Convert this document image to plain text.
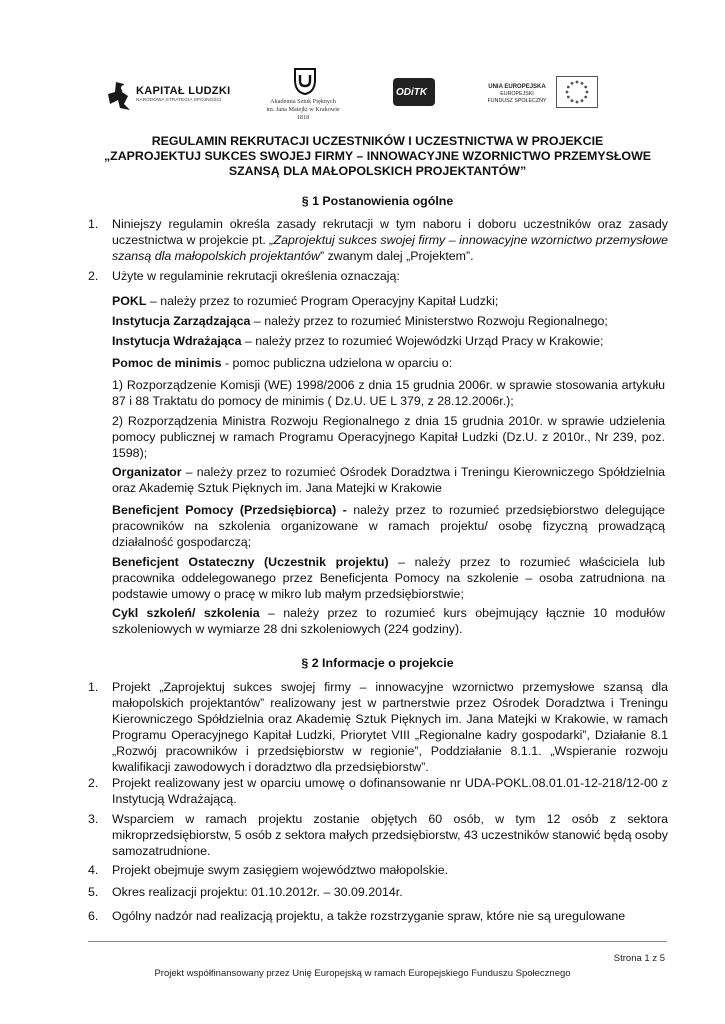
KAPITAŁ LUDZKI
NARODOWA STRATEGIA SPÓJNOŚCI	Akademia Sztuk Pięknych
im. Jana Matejki w Krakowie
1818
ODiTK	UNIA EUROPEJSKA
EUROPEJSKI
FUNDUSZ SPOŁECZNY
REGULAMIN REKRUTACJI UCZESTNIKÓW I UCZESTNICTWA W PROJEKCIE
„ZAPROJEKTUJ SUKCES SWOJEJ FIRMY – INNOWACYJNE WZORNICTWO PRZEMYSŁOWE
SZANSĄ DLA MAŁOPOLSKICH PROJEKTANTÓW”
§ 1 Postanowienia ogólne
1. Niniejszy regulamin określa zasady rekrutacji w tym naboru i doboru uczestników oraz zasady uczestnictwa w projekcie pt. „Zaprojektuj sukces swojej firmy – innowacyjne wzornictwo przemysłowe szansą dla małopolskich projektantów” zwanym dalej „Projektem”.
2. Użyte w regulaminie rekrutacji określenia oznaczają:
POKL – należy przez to rozumieć Program Operacyjny Kapitał Ludzki;
Instytucja Zarządzająca – należy przez to rozumieć Ministerstwo Rozwoju Regionalnego;
Instytucja Wdrażająca – należy przez to rozumieć Wojewódzki Urząd Pracy w Krakowie;
Pomoc de minimis - pomoc publiczna udzielona w oparciu o:
1) Rozporządzenie Komisji (WE) 1998/2006 z dnia 15 grudnia 2006r. w sprawie stosowania artykułu 87 i 88 Traktatu do pomocy de minimis ( Dz.U. UE L 379, z 28.12.2006r.);
2) Rozporządzenia Ministra Rozwoju Regionalnego z dnia 15 grudnia 2010r. w sprawie udzielenia pomocy publicznej w ramach Programu Operacyjnego Kapitał Ludzki (Dz.U. z 2010r., Nr 239, poz. 1598);
Organizator – należy przez to rozumieć Ośrodek Doradztwa i Treningu Kierowniczego Spółdzielnia oraz Akademię Sztuk Pięknych im. Jana Matejki w Krakowie
Beneficjent Pomocy (Przedsiębiorca) - należy przez to rozumieć przedsiębiorstwo delegujące pracowników na szkolenia organizowane w ramach projektu/ osobę fizyczną prowadzącą działalność gospodarczą;
Beneficjent Ostateczny (Uczestnik projektu) – należy przez to rozumieć właściciela lub pracownika oddelegowanego przez Beneficjenta Pomocy na szkolenie – osoba zatrudniona na podstawie umowy o pracę w mikro lub małym przedsiębiorstwie;
Cykl szkoleń/ szkolenia – należy przez to rozumieć kurs obejmujący łącznie 10 modułów szkoleniowych w wymiarze 28 dni szkoleniowych (224 godziny).
§ 2 Informacje o projekcie
1. Projekt „Zaprojektuj sukces swojej firmy – innowacyjne wzornictwo przemysłowe szansą dla małopolskich projektantów” realizowany jest w partnerstwie przez Ośrodek Doradztwa i Treningu Kierowniczego Spółdzielnia oraz Akademię Sztuk Pięknych im. Jana Matejki w Krakowie, w ramach Programu Operacyjnego Kapitał Ludzki, Priorytet VIII „Regionalne kadry gospodarki”, Działanie 8.1 „Rozwój pracowników i przedsiębiorstw w regionie”, Poddziałanie 8.1.1. „Wspieranie rozwoju kwalifikacji zawodowych i doradztwo dla przedsiębiorstw”.
2. Projekt realizowany jest w oparciu umowę o dofinansowanie nr UDA-POKL.08.01.01-12-218/12-00 z Instytucją Wdrażającą.
3. Wsparciem w ramach projektu zostanie objętych 60 osób, w tym 12 osób z sektora mikroprzedsiębiorstw, 5 osób z sektora małych przedsiębiorstw, 43 uczestników stanowić będą osoby samozatrudnione.
4. Projekt obejmuje swym zasięgiem województwo małopolskie.
5. Okres realizacji projektu: 01.10.2012r. – 30.09.2014r.
6. Ogólny nadzór nad realizacją projektu, a także rozstrzyganie spraw, które nie są uregulowane
Strona 1 z 5
Projekt współfinansowany przez Unię Europejską w ramach Europejskiego Funduszu Społecznego
